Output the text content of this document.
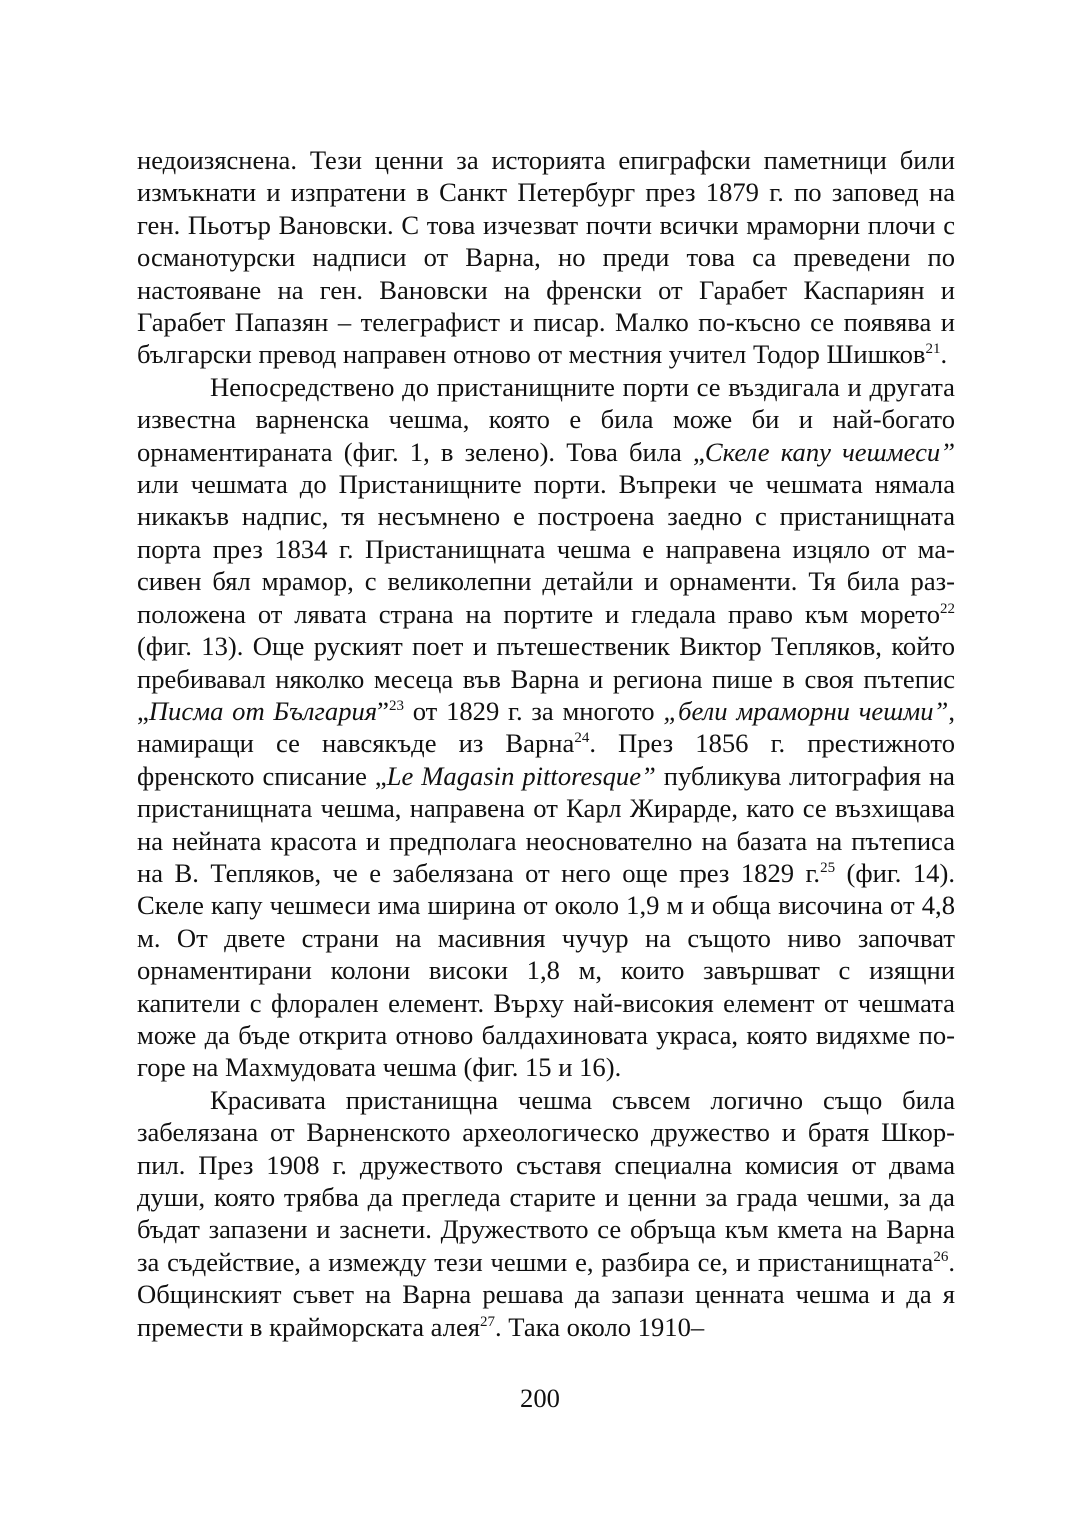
недоизяснена. Тези ценни за историята епиграфски паметници били измъкнати и изпратени в Санкт Петербург през 1879 г. по заповед на ген. Пьотър Вановски. С това изчезват почти всички мраморни плочи с османотурски надписи от Варна, но преди това са преведени по настояване на ген. Вановски на френски от Гарабет Каспариян и Гарабет Папазян – телеграфист и писар. Малко по-късно се появява и български превод направен отново от местния учител Тодор Шишков$^{21}$.

Непосредствено до пристанищните порти се въздигала и другата известна варненска чешма, която е била може би и най-богато орнаментираната (фиг. 1, в зелено). Това била „Скеле капу чешмеси” или чешмата до Пристанищните порти. Въпреки че чешмата нямала никакъв надпис, тя несъмнено е построена заедно с пристанищната порта през 1834 г. Пристанищната чешма е направена изцяло от масивен бял мрамор, с великолепни детайли и орнаменти. Тя била разположена от лявата страна на портите и гледала право към морето$^{22}$ (фиг. 13). Още руският поет и пътешественик Виктор Тепляков, който пребивавал няколко месеца във Варна и региона пише в своя пътепис „Писма от България”$^{23}$ от 1829 г. за многото „бели мраморни чешми”, намиращи се навсякъде из Варна$^{24}$. През 1856 г. престижното френското списание „Le Magasin pittoresque” публикува литография на пристанищната чешма, направена от Карл Жирарде, като се възхищава на нейната красота и предполага неоснователно на базата на пътеписа на В. Тепляков, че е забелязана от него още през 1829 г.$^{25}$ (фиг. 14). Скеле капу чешмеси има ширина от около 1,9 м и обща височина от 4,8 м. От двете страни на масивния чучур на същото ниво започват орнаментирани колони високи 1,8 м, които завършват с изящни капители с флорален елемент. Върху най-високия елемент от чешмата може да бъде открита отново балдахиновата украса, която видяхме по-горе на Махмудовата чешма (фиг. 15 и 16).

Красивата пристанищна чешма съвсем логично също била забелязана от Варненското археологическо дружество и братя Шкорпил. През 1908 г. дружеството съставя специална комисия от двама души, която трябва да прегледа старите и ценни за града чешми, за да бъдат запазени и заснети. Дружеството се обръща към кмета на Варна за съдействие, а измежду тези чешми е, разбира се, и пристанищната$^{26}$. Общинският съвет на Варна решава да запази ценната чешма и да я премести в крайморската алея$^{27}$. Така около 1910–

200
